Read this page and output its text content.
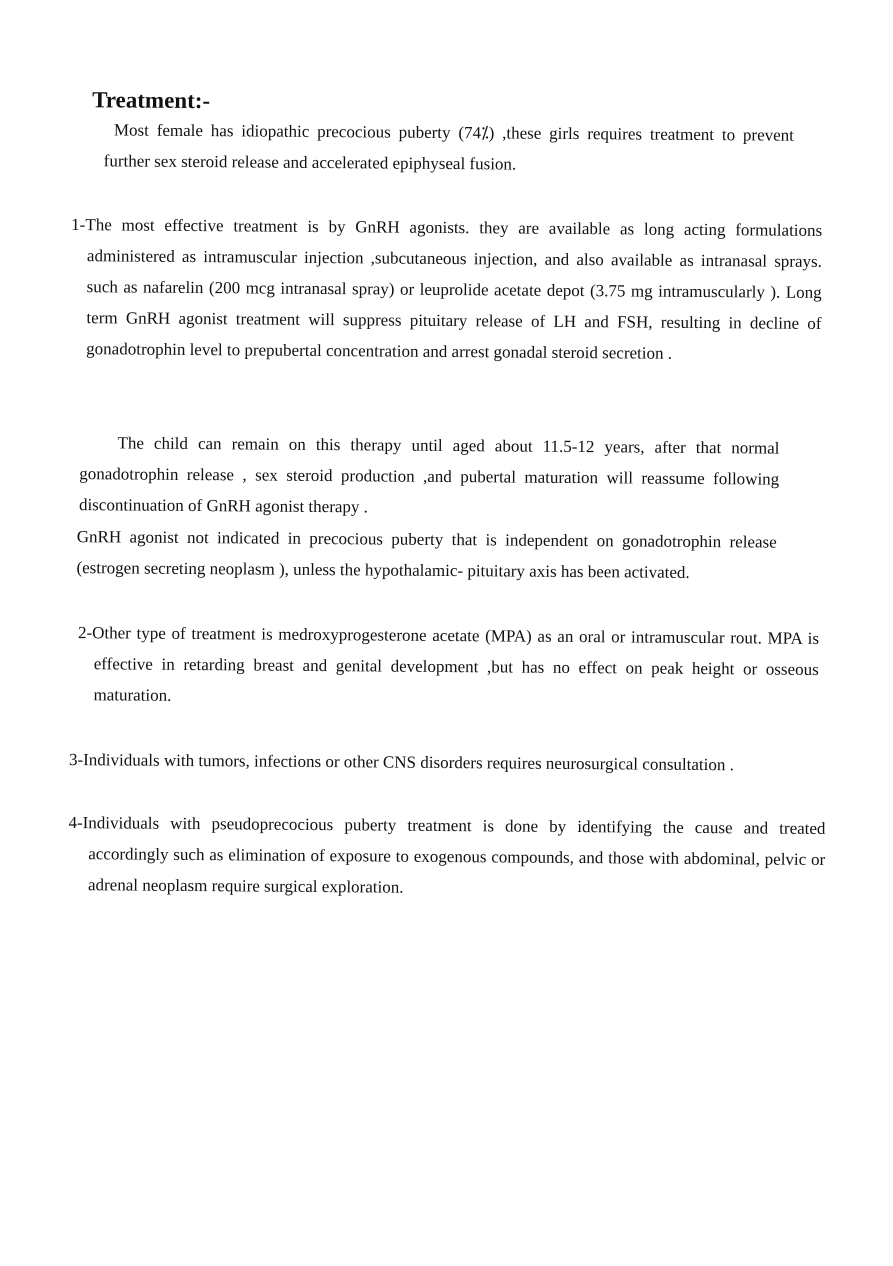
Treatment:-
Most female has idiopathic precocious puberty (74⁒) ,these girls requires treatment to prevent further sex steroid release and accelerated epiphyseal fusion.
1-The most effective treatment is by GnRH agonists. they are available as long acting formulations administered as intramuscular injection ,subcutaneous injection, and also available as intranasal sprays. such as nafarelin (200 mcg intranasal spray) or leuprolide acetate depot (3.75 mg intramuscularly ). Long term GnRH agonist treatment will suppress pituitary release of LH and FSH, resulting in decline of gonadotrophin level to prepubertal concentration and arrest gonadal steroid secretion .
The child can remain on this therapy until aged about 11.5-12 years, after that normal gonadotrophin release , sex steroid production ,and pubertal maturation will reassume following discontinuation of GnRH agonist therapy .
GnRH agonist not indicated in precocious puberty that is independent on gonadotrophin release (estrogen secreting neoplasm ), unless the hypothalamic- pituitary axis has been activated.
2-Other type of treatment is medroxyprogesterone acetate (MPA) as an oral or intramuscular rout. MPA is effective in retarding breast and genital development ,but has no effect on peak height or osseous maturation.
3-Individuals with tumors, infections or other CNS disorders requires neurosurgical consultation .
4-Individuals with pseudoprecocious puberty treatment is done by identifying the cause and treated accordingly such as elimination of exposure to exogenous compounds, and those with abdominal, pelvic or adrenal neoplasm require surgical exploration.
